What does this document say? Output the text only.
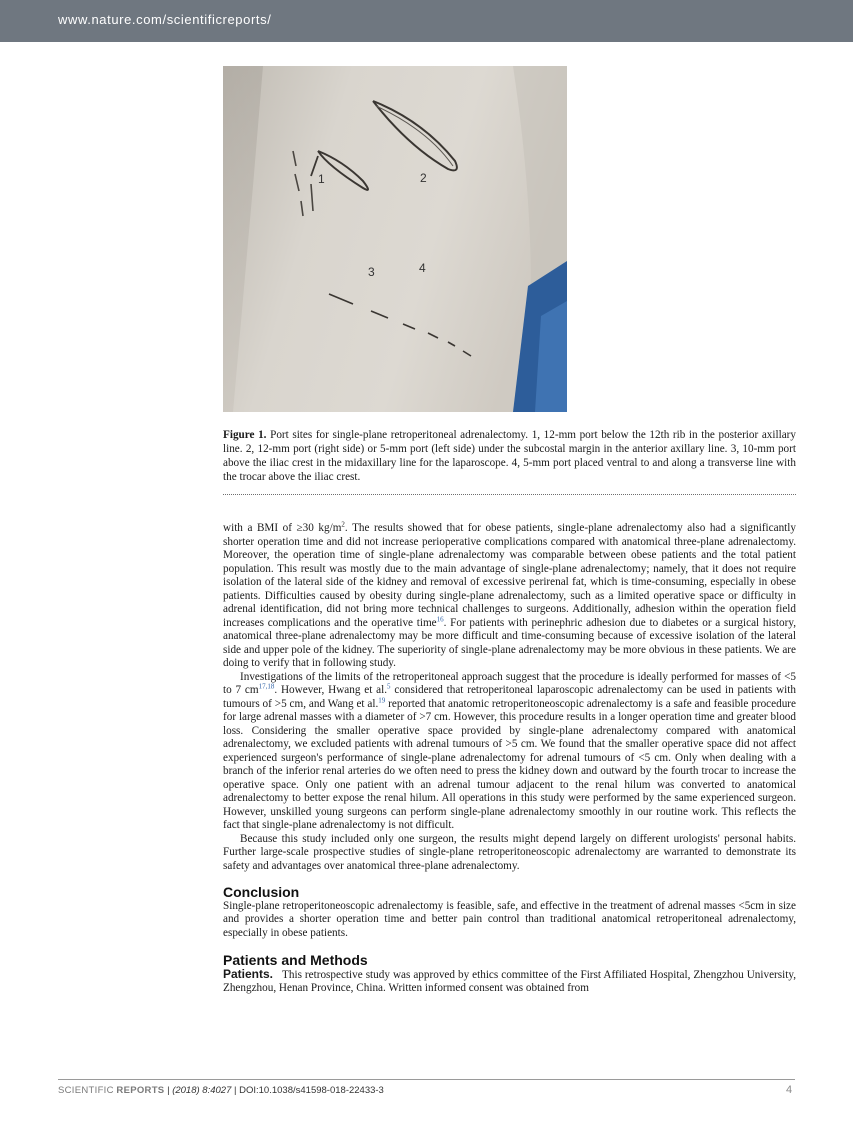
www.nature.com/scientificreports/
1	2
3	4
Figure 1. Port sites for single-plane retroperitoneal adrenalectomy. 1, 12-mm port below the 12th rib in the posterior axillary line. 2, 12-mm port (right side) or 5-mm port (left side) under the subcostal margin in the anterior axillary line. 3, 10-mm port above the iliac crest in the midaxillary line for the laparoscope. 4, 5-mm port placed ventral to and along a transverse line with the trocar above the iliac crest.

with a BMI of ≥30 $kg/m^2$. The results showed that for obese patients, single-plane adrenalectomy also had a significantly shorter operation time and did not increase perioperative complications compared with anatomical three-plane adrenalectomy. Moreover, the operation time of single-plane adrenalectomy was comparable between obese patients and the total patient population. This result was mostly due to the main advantage of single-plane adrenalectomy; namely, that it does not require isolation of the lateral side of the kidney and removal of excessive perirenal fat, which is time-consuming, especially in obese patients. Difficulties caused by obesity during single-plane adrenalectomy, such as a limited operative space or difficulty in adrenal identification, did not bring more technical challenges to surgeons. Additionally, adhesion within the operation field increases complications and the operative time$^{16}$. For patients with perinephric adhesion due to diabetes or a surgical history, anatomical three-plane adrenalectomy may be more difficult and time-consuming because of excessive isolation of the lateral side and upper pole of the kidney. The superiority of single-plane adrenalectomy may be more obvious in these patients. We are doing to verify that in following study.

Investigations of the limits of the retroperitoneal approach suggest that the procedure is ideally performed for masses of <5 to 7 cm$^{17,18}$. However, Hwang et al.$^5$ considered that retroperitoneal laparoscopic adrenalectomy can be used in patients with tumours of >5 cm, and Wang et al.$^{19}$ reported that anatomic retroperitoneoscopic adrenalectomy is a safe and feasible procedure for large adrenal masses with a diameter of >7 cm. However, this procedure results in a longer operation time and greater blood loss. Considering the smaller operative space provided by single-plane adrenalectomy compared with anatomical adrenalectomy, we excluded patients with adrenal tumours of >5 cm. We found that the smaller operative space did not affect experienced surgeon's performance of single-plane adrenalectomy for adrenal tumours of <5 cm. Only when dealing with a branch of the inferior renal arteries do we often need to press the kidney down and outward by the fourth trocar to increase the operative space. Only one patient with an adrenal tumour adjacent to the renal hilum was converted to anatomical adrenalectomy to better expose the renal hilum. All operations in this study were performed by the same experienced surgeon. However, unskilled young surgeons can perform single-plane adrenalectomy smoothly in our routine work. This reflects the fact that single-plane adrenalectomy is not difficult.

Because this study included only one surgeon, the results might depend largely on different urologists' personal habits. Further large-scale prospective studies of single-plane retroperitoneoscopic adrenalectomy are warranted to demonstrate its safety and advantages over anatomical three-plane adrenalectomy.

Conclusion

Single-plane retroperitoneoscopic adrenalectomy is feasible, safe, and effective in the treatment of adrenal masses <5cm in size and provides a shorter operation time and better pain control than traditional anatomical retroperitoneal adrenalectomy, especially in obese patients.

Patients and Methods

Patients. This retrospective study was approved by ethics committee of the First Affiliated Hospital, Zhengzhou University, Zhengzhou, Henan Province, China. Written informed consent was obtained from

SCIENTIFIC REPORTS | (2018) 8:4027 | DOI:10.1038/s41598-018-22433-3	4
